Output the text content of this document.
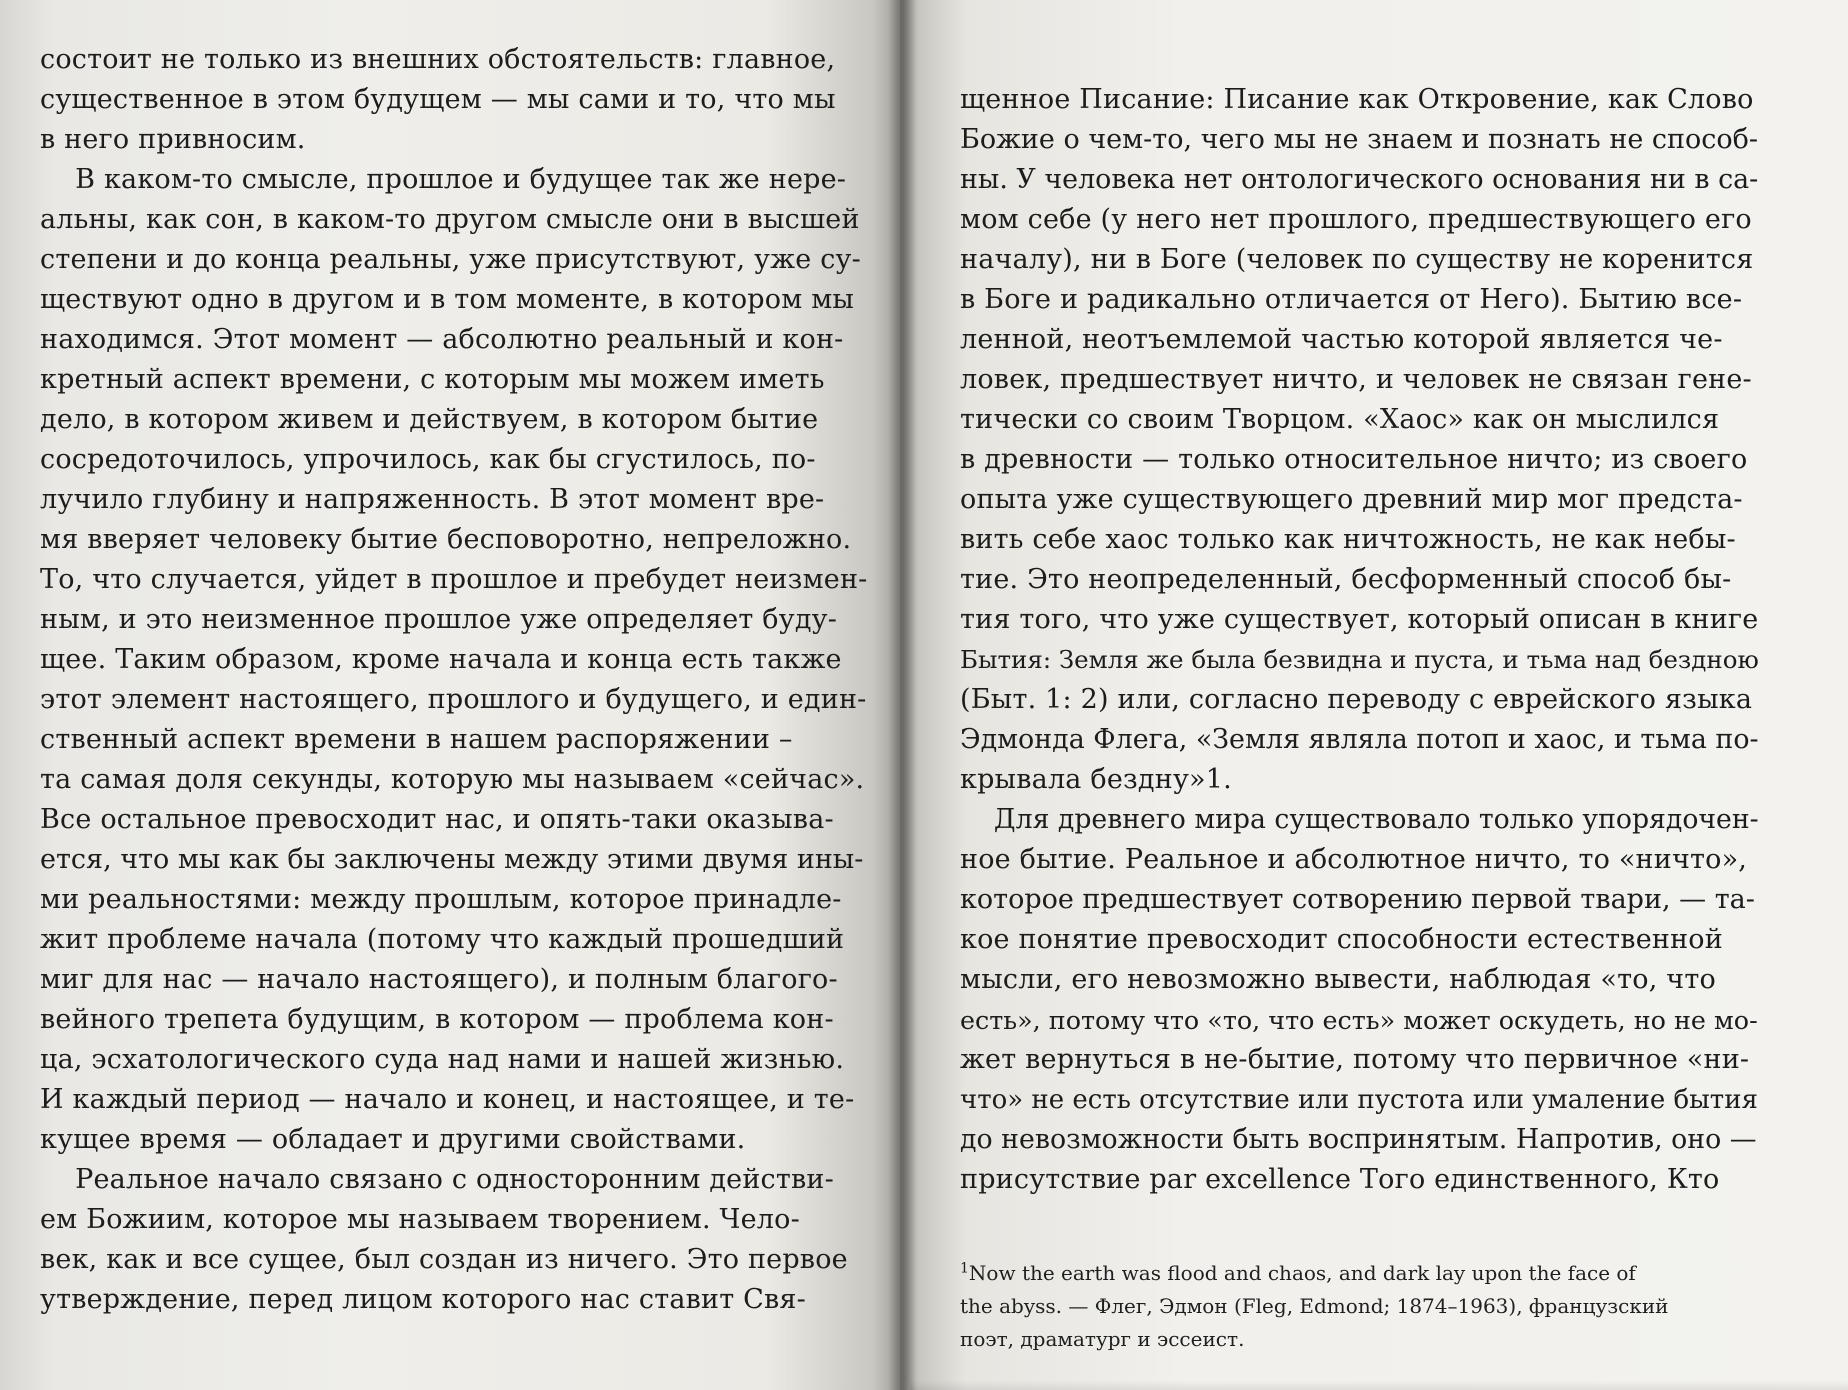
состоит не только из внешних обстоятельств: главное,
существенное в этом будущем — мы сами и то, что мы
в него привносим.
В каком-то смысле, прошлое и будущее так же нере-
альны, как сон, в каком-то другом смысле они в высшей
степени и до конца реальны, уже присутствуют, уже су-
ществуют одно в другом и в том моменте, в котором мы
находимся. Этот момент — абсолютно реальный и кон-
кретный аспект времени, с которым мы можем иметь
дело, в котором живем и действуем, в котором бытие
сосредоточилось, упрочилось, как бы сгустилось, по-
лучило глубину и напряженность. В этот момент вре-
мя вверяет человеку бытие бесповоротно, непреложно.
То, что случается, уйдет в прошлое и пребудет неизмен-
ным, и это неизменное прошлое уже определяет буду-
щее. Таким образом, кроме начала и конца есть также
этот элемент настоящего, прошлого и будущего, и един-
ственный аспект времени в нашем распоряжении –
та самая доля секунды, которую мы называем «сейчас».
Все остальное превосходит нас, и опять-таки оказыва-
ется, что мы как бы заключены между этими двумя ины-
ми реальностями: между прошлым, которое принадле-
жит проблеме начала (потому что каждый прошедший
миг для нас — начало настоящего), и полным благого-
вейного трепета будущим, в котором — проблема кон-
ца, эсхатологического суда над нами и нашей жизнью.
И каждый период — начало и конец, и настоящее, и те-
кущее время — обладает и другими свойствами.
Реальное начало связано с односторонним действи-
ем Божиим, которое мы называем творением. Чело-
век, как и все сущее, был создан из ничего. Это первое
утверждение, перед лицом которого нас ставит Свя-
щенное Писание: Писание как Откровение, как Слово
Божие о чем-то, чего мы не знаем и познать не способ-
ны. У человека нет онтологического основания ни в са-
мом себе (у него нет прошлого, предшествующего его
началу), ни в Боге (человек по существу не коренится
в Боге и радикально отличается от Него). Бытию все-
ленной, неотъемлемой частью которой является че-
ловек, предшествует ничто, и человек не связан гене-
тически со своим Творцом. «Хаос» как он мыслился
в древности — только относительное ничто; из своего
опыта уже существующего древний мир мог предста-
вить себе хаос только как ничтожность, не как небы-
тие. Это неопределенный, бесформенный способ бы-
тия того, что уже существует, который описан в книге
Бытия: Земля же была безвидна и пуста, и тьма над бездною
(Быт. 1: 2) или, согласно переводу с еврейского языка
Эдмонда Флега, «Земля являла потоп и хаос, и тьма по-
крывала бездну»1.
Для древнего мира существовало только упорядочен-
ное бытие. Реальное и абсолютное ничто, то «ничто»,
которое предшествует сотворению первой твари, — та-
кое понятие превосходит способности естественной
мысли, его невозможно вывести, наблюдая «то, что
есть», потому что «то, что есть» может оскудеть, но не мо-
жет вернуться в не-бытие, потому что первичное «ни-
что» не есть отсутствие или пустота или умаление бытия
до невозможности быть воспринятым. Напротив, оно —
присутствие par excellence Того единственного, Кто
$^1$Now the earth was flood and chaos, and dark lay upon the face of
the abyss. — Флег, Эдмон (Fleg, Edmond; 1874–1963), французский
поэт, драматург и эссеист.
